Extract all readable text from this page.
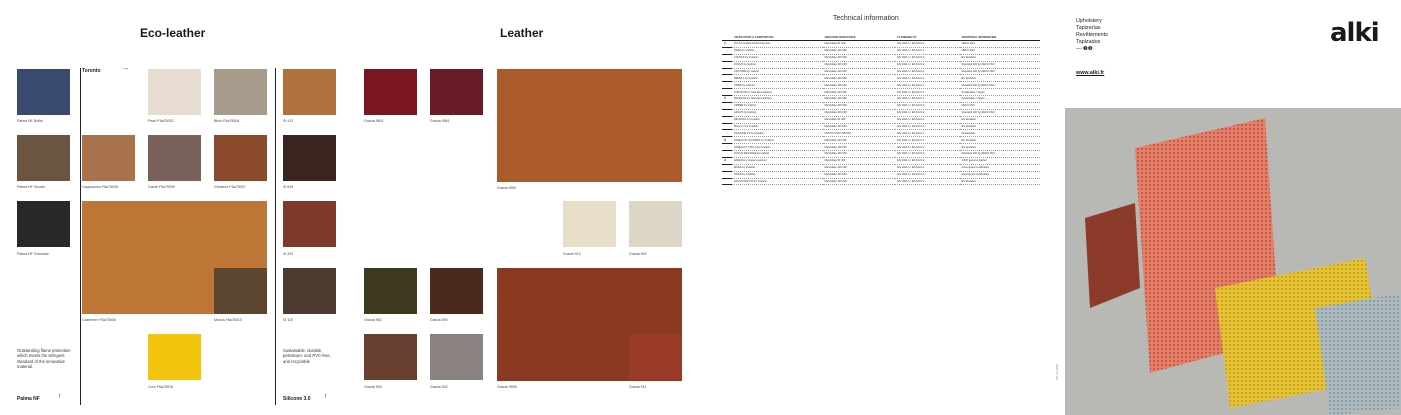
Eco-leather
Toronto	→
Palma NF Bolito
Palma NF Smoke
Palma NF Schwartz
Pearl F6a75002	Birch F6a75004
Cappuccino F6a75005	Carob F6a75009	Chestnut F6a75007
Cashmere F6a75006	Mocca F6a75010
Corn F6a75018
Outstanding flame protection which meets the stringent standard of the innovative material.
Palma NF	↑
Si 412
Si 815
Si 203
Si 115
Sustainable, durable, petroleum- and PVC-free, and recyclable
Silicone 3.0 ↑
Leather
Gracia 9501	Gracia 9561
Gracia 9567
Gracia 913	Gracia 902
Gracia 962	Gracia 900
Gracia 9599
Gracia 908	Gracia 942	Gracia 911
Technical information
	UPHOLSTERY & COMPOSITION	ABRASION RESISTANCE	FLAMMABILITY	ADDITIONAL INFORMATION
1	ITO by Kvadrat 100% Polyester	Martindale 80 000	EN 1021-1 / EN 1021-2	OEKO-TEX
	ORAN by Gabriel	Martindale 100 000	EN 1021-1 / EN 1021-2	OEKO-TEX
	CANVAS by Kvadrat	Martindale 100 000	EN 1021-1 / EN 1021-2	EU Ecolabel
	FOCUS by Gabriel	Martindale 100 000	EN 1021-1 / EN 1021-2	Standard 100 by OEKO-TEX
	CAPTURE by Gabriel	Martindale 100 000	EN 1021-1 / EN 1021-2	Standard 100 by OEKO-TEX
	REMIX 3 by Kvadrat	Martindale 100 000	EN 1021-1 / EN 1021-2	EU Ecolabel
	CRISP by Gabriel	Martindale 100 000	EN 1021-1 / EN 1021-2	Standard 100 by OEKO-TEX
	TORONTO by Skai (Eco-leather)	Martindale 100 000	EN 1021-1 / EN 1021-2	Sustainable / Vegan
2	PALMA NF by Skai (Eco-leather)	Martindale 100 000	EN 1021-1 / EN 1021-2	Sustainable / Vegan
	UMBER by Gabriel	Martindale 100 000	EN 1021-1 / EN 1021-2	OEKO-TEX
	ARGOS by Gabriel	Martindale 100 000	EN 1021-1 / EN 1021-2	Standard 100 by OEKO-TEX
	RE-WOOL by Kvadrat	Martindale 50 000	EN 1021-1 / EN 1021-2	EU Ecolabel
	MOLLY 2 by Kvadrat	Martindale 100 000	EN 1021-1 / EN 1021-2	EU Ecolabel
	SILICONE 3.0 by Kvadrat	ASTM D 4157 200 000	EN 1021-1 / EN 1021-2	Sustainable
3	STEELCUT QUARTET by Kvadrat	Martindale 100 000	EN 1021-1 / EN 1021-2	EU Ecolabel
	STEELCUT TRIO 3 by Kvadrat	Martindale 100 000	EN 1021-1 / EN 1021-2	EU Ecolabel
	FOCUS MELANGE by Gabriel	Martindale 100 000	EN 1021-1 / EN 1021-2	Standard 100 by OEKO-TEX
4	GRACIA by Gracia (Leather)	Martindale 50 000	EN 1021-1 / EN 1021-2	100% genuine leather
	MODE by Kvadrat	Martindale 100 000	EN 1021-1 / EN 1021-2	Greenguard certification
	VANIR by Kvadrat	Martindale 100 000	EN 1021-1 / EN 1021-2	Greenguard certification
	HALLINGDAL 65 by Kvadrat	Martindale 100 000	EN 1021-1 / EN 1021-2	EU Ecolabel
Upholstery
Tapizerías
Revêtements
Tapizados
— ❶❷
www.alki.fr
alki
MT 21 2020
